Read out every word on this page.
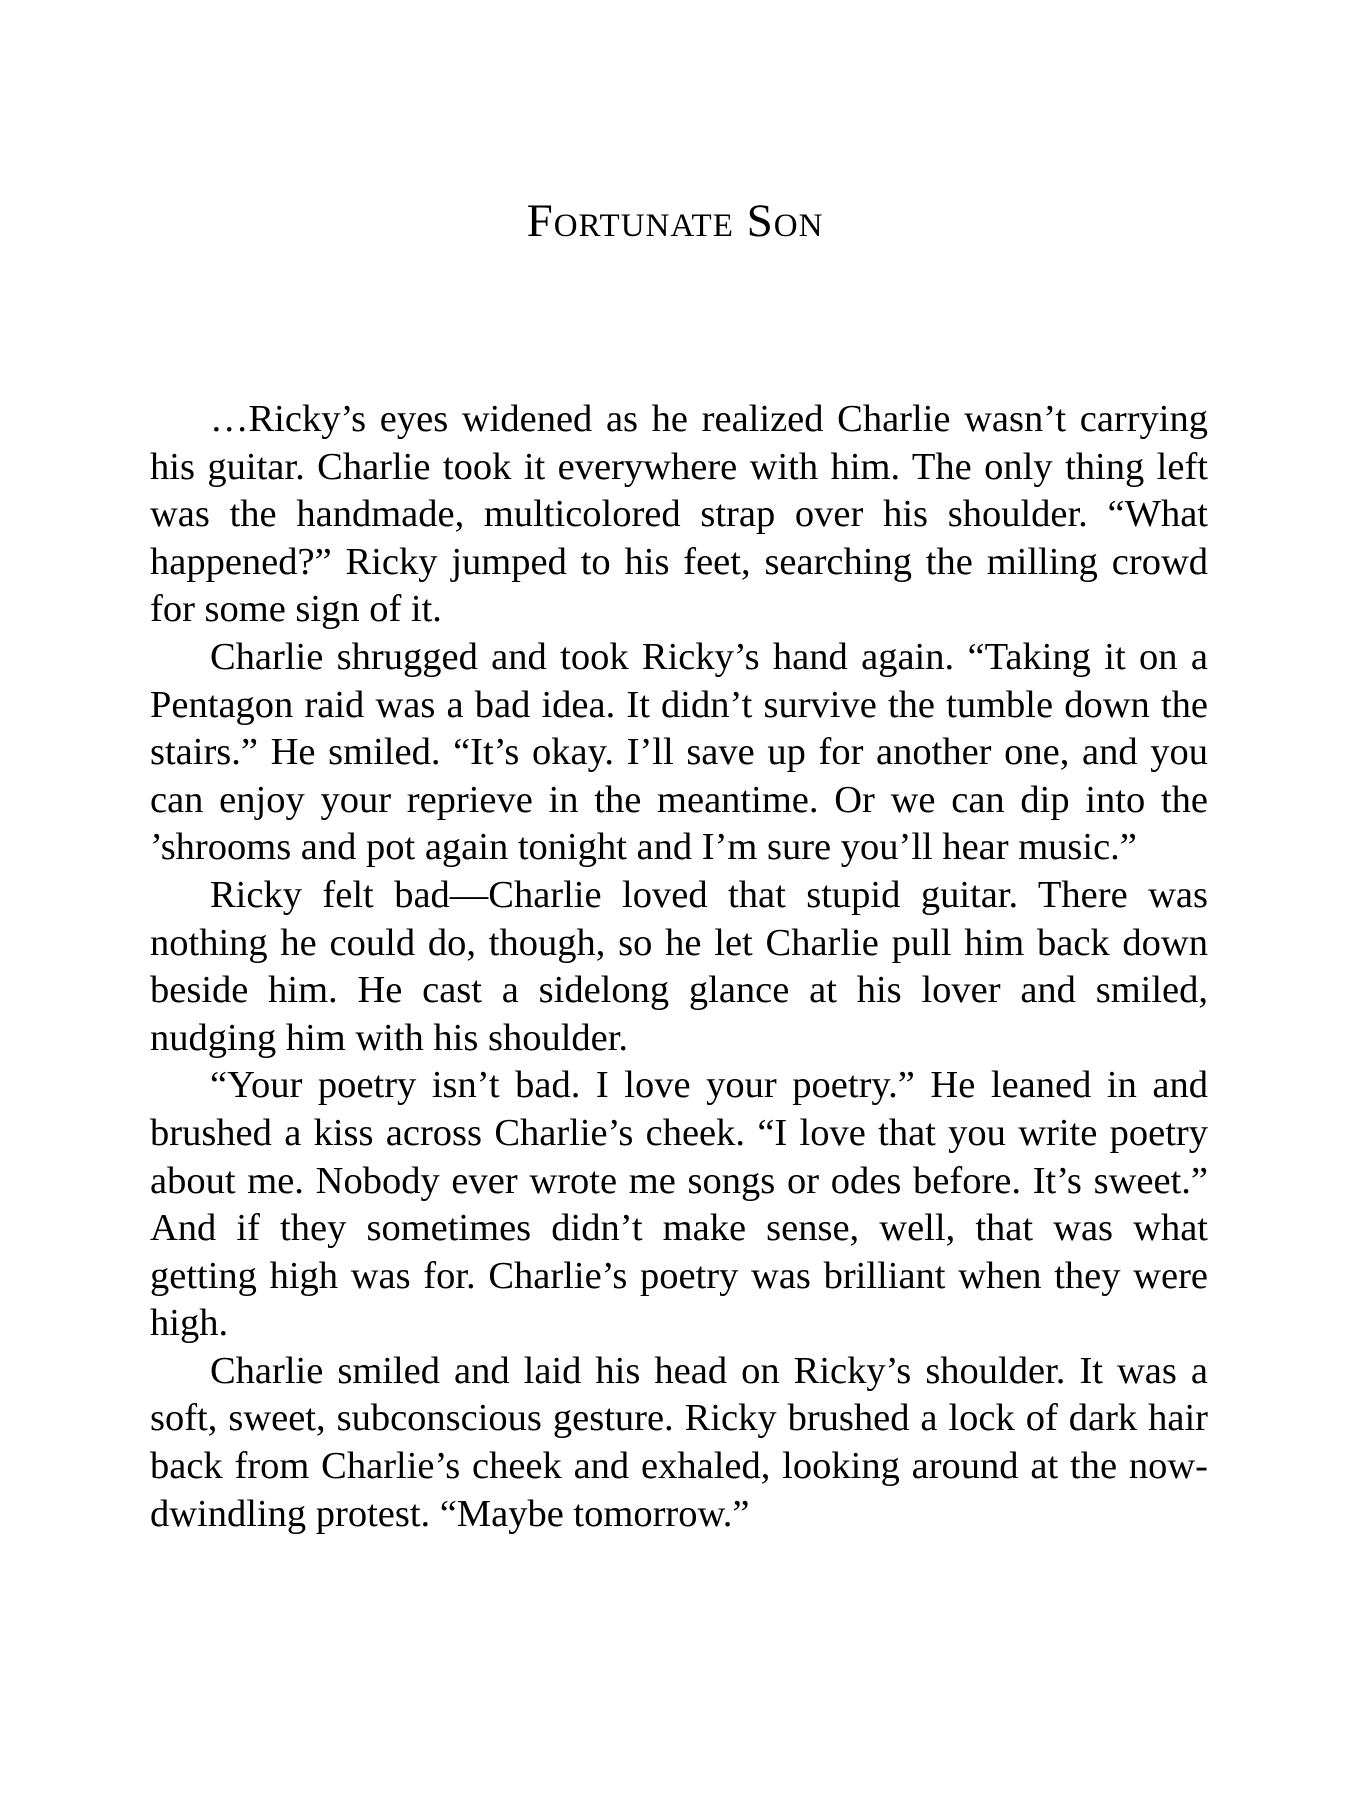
Fortunate Son

…Ricky’s eyes widened as he realized Charlie wasn’t carrying his guitar. Charlie took it everywhere with him. The only thing left was the handmade, multicolored strap over his shoulder. “What happened?” Ricky jumped to his feet, searching the milling crowd for some sign of it.

Charlie shrugged and took Ricky’s hand again. “Taking it on a Pentagon raid was a bad idea. It didn’t survive the tumble down the stairs.” He smiled. “It’s okay. I’ll save up for another one, and you can enjoy your reprieve in the meantime. Or we can dip into the ’shrooms and pot again tonight and I’m sure you’ll hear music.”

Ricky felt bad—Charlie loved that stupid guitar. There was nothing he could do, though, so he let Charlie pull him back down beside him. He cast a sidelong glance at his lover and smiled, nudging him with his shoulder.

“Your poetry isn’t bad. I love your poetry.” He leaned in and brushed a kiss across Charlie’s cheek. “I love that you write poetry about me. Nobody ever wrote me songs or odes before. It’s sweet.” And if they sometimes didn’t make sense, well, that was what getting high was for. Charlie’s poetry was brilliant when they were high.

Charlie smiled and laid his head on Ricky’s shoulder. It was a soft, sweet, subconscious gesture. Ricky brushed a lock of dark hair back from Charlie’s cheek and exhaled, looking around at the now-dwindling protest. “Maybe tomorrow.”
